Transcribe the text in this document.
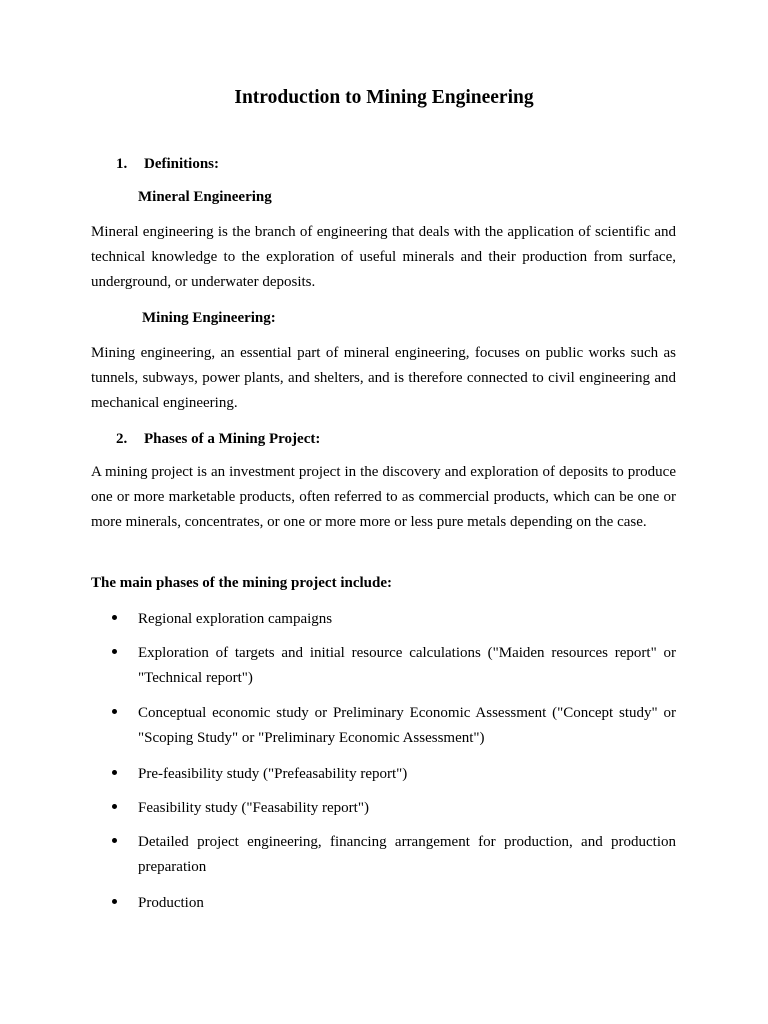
Introduction to Mining Engineering
1. Definitions:
Mineral Engineering

Mineral engineering is the branch of engineering that deals with the application of scientific and technical knowledge to the exploration of useful minerals and their production from surface, underground, or underwater deposits.

Mining Engineering:

Mining engineering, an essential part of mineral engineering, focuses on public works such as tunnels, subways, power plants, and shelters, and is therefore connected to civil engineering and mechanical engineering.

2. Phases of a Mining Project:

A mining project is an investment project in the discovery and exploration of deposits to produce one or more marketable products, often referred to as commercial products, which can be one or more minerals, concentrates, or one or more more or less pure metals depending on the case.

The main phases of the mining project include:
Regional exploration campaigns
Exploration of targets and initial resource calculations ("Maiden resources report" or "Technical report")
Conceptual economic study or Preliminary Economic Assessment ("Concept study" or "Scoping Study" or "Preliminary Economic Assessment")
Pre-feasibility study ("Prefeasability report")
Feasibility study ("Feasability report")
Detailed project engineering, financing arrangement for production, and production preparation
Production
